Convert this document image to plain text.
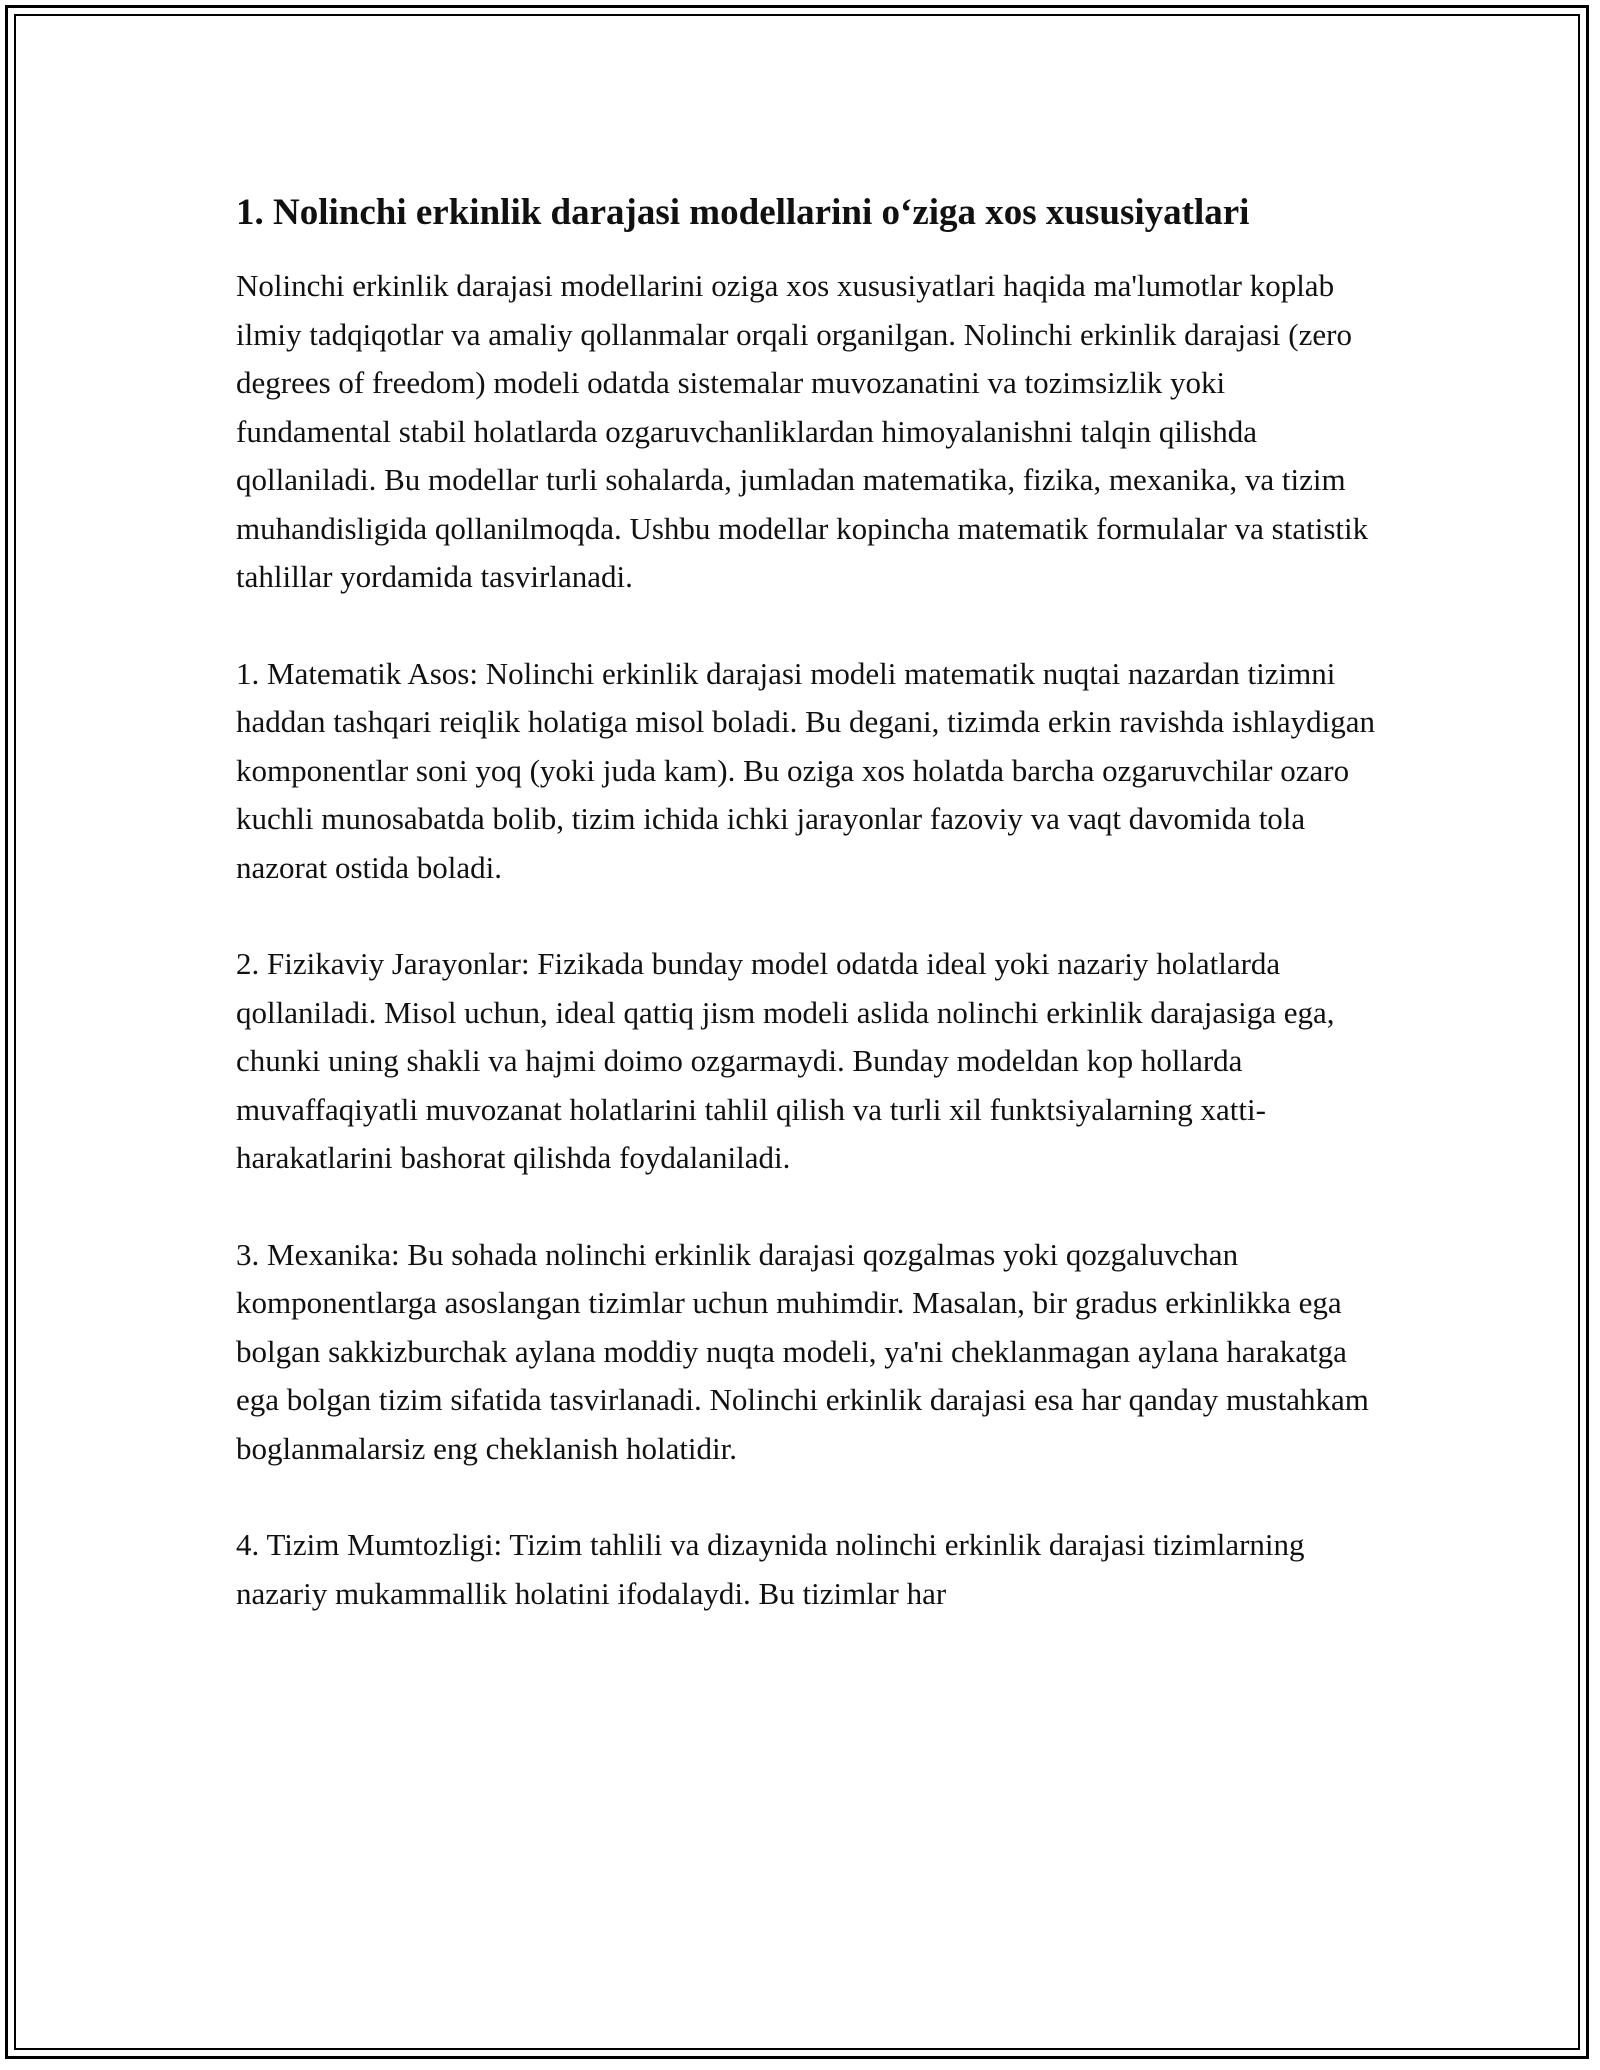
1. Nolinchi erkinlik darajasi modellarini o‘ziga xos xususiyatlari

Nolinchi erkinlik darajasi modellarini oziga xos xususiyatlari haqida ma'lumotlar koplab ilmiy tadqiqotlar va amaliy qollanmalar orqali organilgan. Nolinchi erkinlik darajasi (zero degrees of freedom) modeli odatda sistemalar muvozanatini va tozimsizlik yoki fundamental stabil holatlarda ozgaruvchanliklardan himoyalanishni talqin qilishda qollaniladi. Bu modellar turli sohalarda, jumladan matematika, fizika, mexanika, va tizim muhandisligida qollanilmoqda. Ushbu modellar kopincha matematik formulalar va statistik tahlillar yordamida tasvirlanadi.

1. Matematik Asos: Nolinchi erkinlik darajasi modeli matematik nuqtai nazardan tizimni haddan tashqari reiqlik holatiga misol boladi. Bu degani, tizimda erkin ravishda ishlaydigan komponentlar soni yoq (yoki juda kam). Bu oziga xos holatda barcha ozgaruvchilar ozaro kuchli munosabatda bolib, tizim ichida ichki jarayonlar fazoviy va vaqt davomida tola nazorat ostida boladi.

2. Fizikaviy Jarayonlar: Fizikada bunday model odatda ideal yoki nazariy holatlarda qollaniladi. Misol uchun, ideal qattiq jism modeli aslida nolinchi erkinlik darajasiga ega, chunki uning shakli va hajmi doimo ozgarmaydi. Bunday modeldan kop hollarda muvaffaqiyatli muvozanat holatlarini tahlil qilish va turli xil funktsiyalarning xatti-harakatlarini bashorat qilishda foydalaniladi.

3. Mexanika: Bu sohada nolinchi erkinlik darajasi qozgalmas yoki qozgaluvchan komponentlarga asoslangan tizimlar uchun muhimdir. Masalan, bir gradus erkinlikka ega bolgan sakkizburchak aylana moddiy nuqta modeli, ya'ni cheklanmagan aylana harakatga ega bolgan tizim sifatida tasvirlanadi. Nolinchi erkinlik darajasi esa har qanday mustahkam boglanmalarsiz eng cheklanish holatidir.

4. Tizim Mumtozligi: Tizim tahlili va dizaynida nolinchi erkinlik darajasi tizimlarning nazariy mukammallik holatini ifodalaydi. Bu tizimlar har
